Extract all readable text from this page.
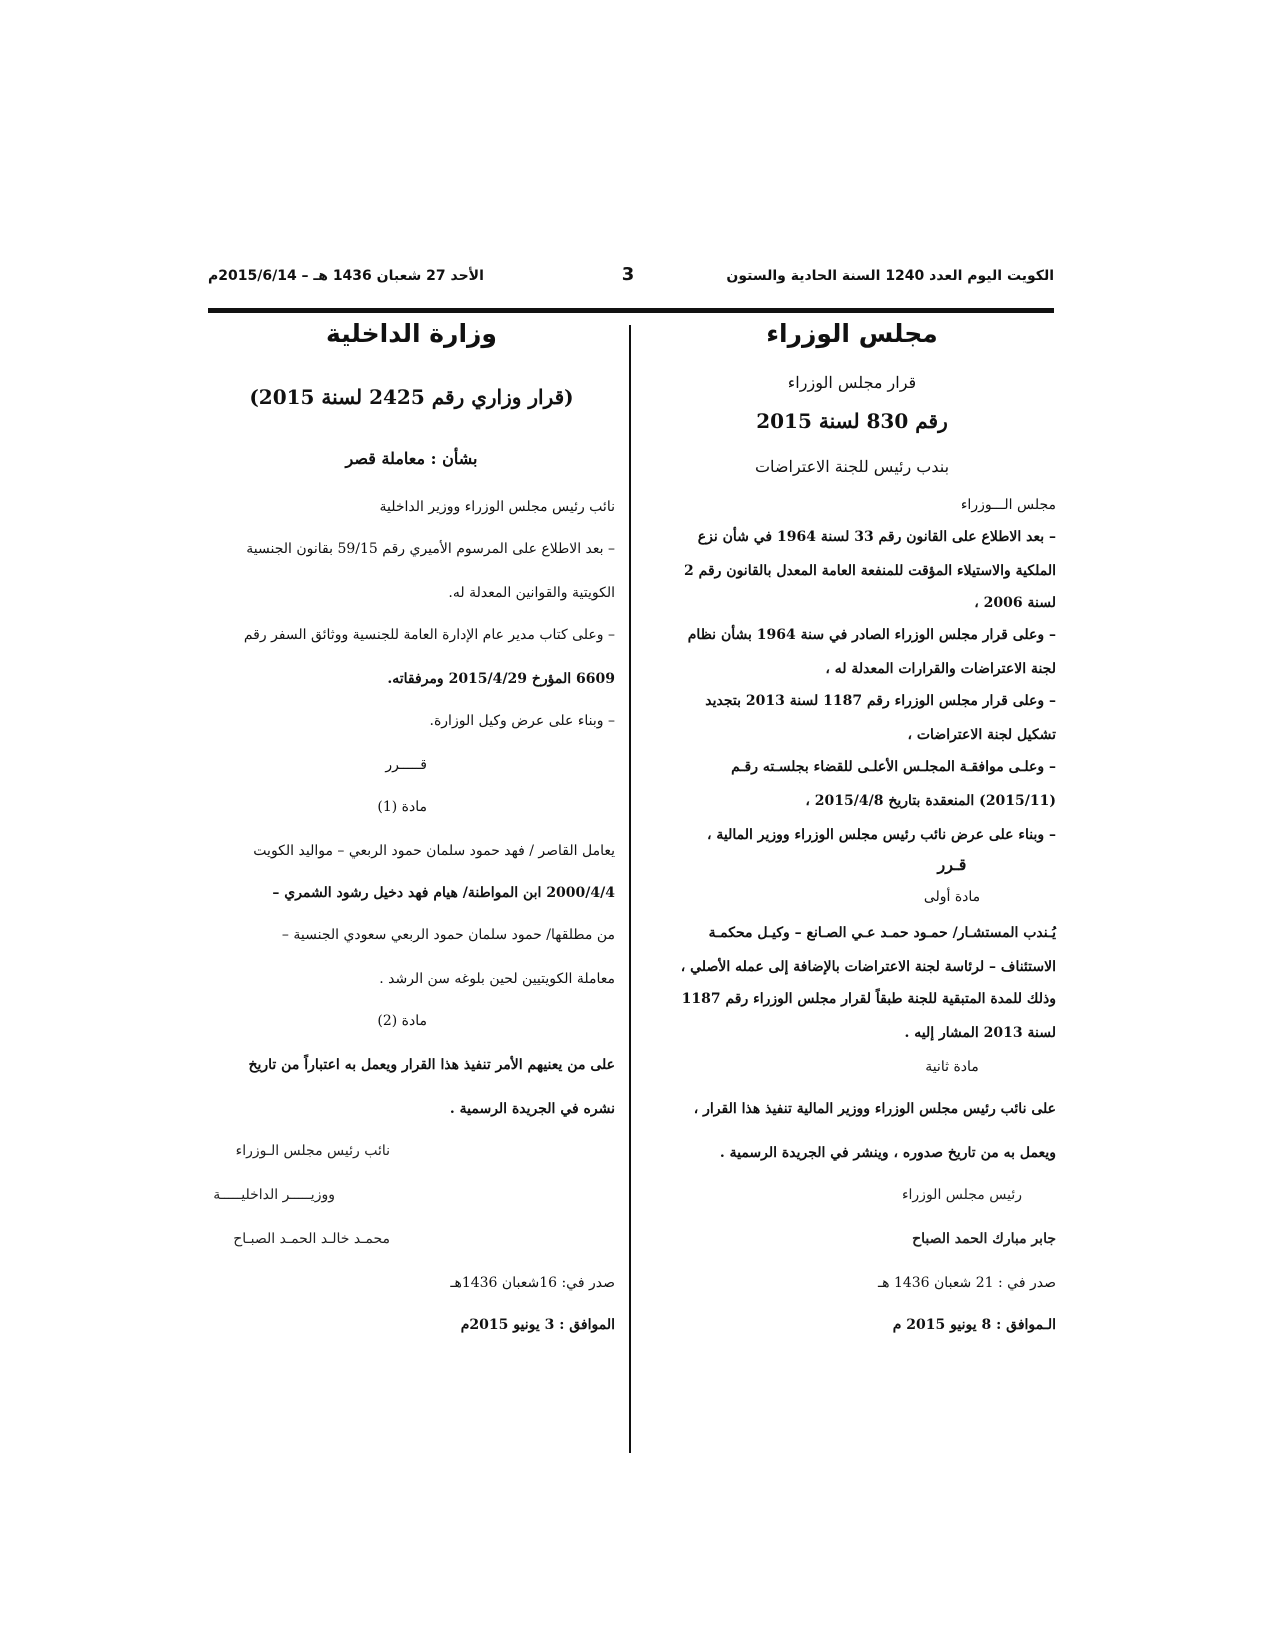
الكويت اليوم العدد 1240 السنة الحادية والستون
3
الأحد 27 شعبان 1436 هـ – 2015/6/14م
مجلس الوزراء
قرار مجلس الوزراء
رقم 830 لسنة 2015
بندب رئيس للجنة الاعتراضات
مجلس الـــوزراء
– بعد الاطلاع على القانون رقم 33 لسنة 1964 في شأن نزع
الملكية والاستيلاء المؤقت للمنفعة العامة المعدل بالقانون رقم 2
لسنة 2006 ،
– وعلى قرار مجلس الوزراء الصادر في سنة 1964 بشأن نظام
لجنة الاعتراضات والقرارات المعدلة له ،
– وعلى قرار مجلس الوزراء رقم 1187 لسنة 2013 بتجديد
تشكيل لجنة الاعتراضات ،
– وعلـى موافقـة المجلـس الأعلـى للقضاء بجلسـته رقـم
(2015/11) المنعقدة بتاريخ 2015/4/8 ،
– وبناء على عرض نائب رئيس مجلس الوزراء ووزير المالية ،
قـرر
مادة أولى
يُـندب المستشـار/ حمـود حمـد عـي الصـانع – وكيـل محكمـة
الاستئناف – لرئاسة لجنة الاعتراضات بالإضافة إلى عمله الأصلي ،
وذلك للمدة المتبقية للجنة طبقاً لقرار مجلس الوزراء رقم 1187
لسنة 2013 المشار إليه .
مادة ثانية
على نائب رئيس مجلس الوزراء ووزير المالية تنفيذ هذا القرار ،
ويعمل به من تاريخ صدوره ، وينشر في الجريدة الرسمية .
رئيس مجلس الوزراء
جابر مبارك الحمد الصباح
صدر في : 21 شعبان 1436 هـ
الـموافق : 8 يونيو 2015 م
وزارة الداخلية
(قرار وزاري رقم 2425 لسنة 2015)
بشأن : معاملة قصر
نائب رئيس مجلس الوزراء ووزير الداخلية
– بعد الاطلاع على المرسوم الأميري رقم 59/15 بقانون الجنسية
الكويتية والقوانين المعدلة له.
– وعلى كتاب مدير عام الإدارة العامة للجنسية ووثائق السفر رقم
6609 المؤرخ 2015/4/29 ومرفقاته.
– وبناء على عرض وكيل الوزارة.
قـــــرر
مادة (1)
يعامل القاصر / فهد حمود سلمان حمود الربعي – مواليد الكويت
2000/4/4 ابن المواطنة/ هيام فهد دخيل رشود الشمري –
من مطلقها/ حمود سلمان حمود الربعي سعودي الجنسية –
معاملة الكويتيين لحين بلوغه سن الرشد .
مادة (2)
على من يعنيهم الأمر تنفيذ هذا القرار ويعمل به اعتباراً من تاريخ
نشره في الجريدة الرسمية .
نائب رئيس مجلس الـوزراء
ووزيـــــر الداخليـــــة
محمـد خالـد الحمـد الصبـاح
صدر في: 16شعبان 1436هـ
الموافق : 3 يونيو 2015م
